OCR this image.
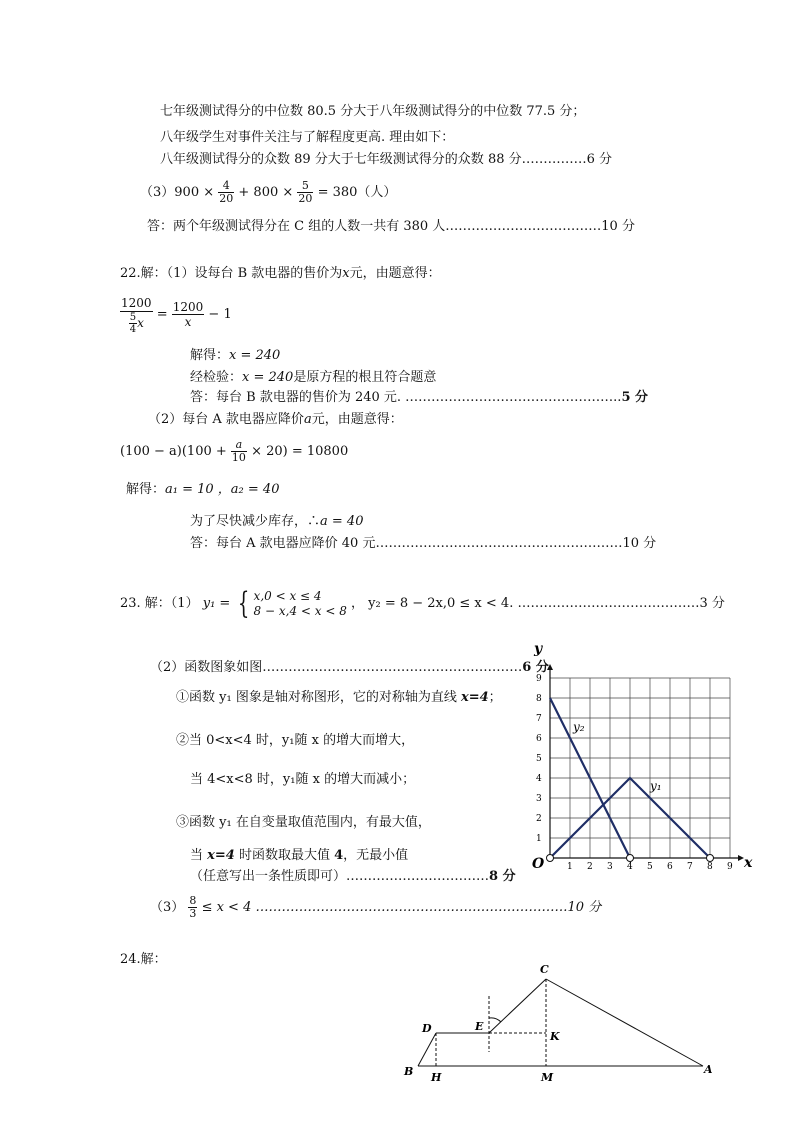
七年级测试得分的中位数 80.5 分大于八年级测试得分的中位数 77.5 分；
八年级学生对事件关注与了解程度更高. 理由如下：
八年级测试得分的众数 89 分大于七年级测试得分的众数 88 分……………6 分
$(3)900 \times \frac{4}{20} + 800 \times \frac{5}{20} = 380$（人）
答：两个年级测试得分在 C 组的人数一共有 380 人………………………………10 分
22.解：（1）设每台 B 款电器的售价为x元，由题意得：
$\frac{1200}{\frac{5}{4} x} = \frac{1200}{x} - 1$
解得：x = 240
经检验：x = 240是原方程的根且符合题意
答：每台 B 款电器的售价为 240 元. …………………………………………..5 分
（2）每台 A 款电器应降价a元，由题意得：
$(100 - a)(100 + \frac{a}{10} \times 20) = 10800$
解得：a₁ = 10 ，a₂ = 40
为了尽快减少库存，∴a = 40
答：每台 A 款电器应降价 40 元…………………………………………………10 分
23. 解：（1） y₁ = { x,0 < x ≤ 4
8 − x,4 < x < 8 ， y₂ = 8 − 2x,0 ≤ x < 4. ……………………………………3 分
（2）函数图象如图……………………………………………………6 分
①函数 y₁ 图象是轴对称图形，它的对称轴为直线 x=4；
②当 0<x<4 时，y₁随 x 的增大而增大，
当 4<x<8 时，y₁随 x 的增大而减小；
③函数 y₁ 在自变量取值范围内，有最大值，
当 x=4 时函数取最大值 4，无最小值
（任意写出一条性质即可）……………………………8 分
$(3) \frac{8}{3} \le x < 4$ ………………………………………………………………10 分
24.解：
1 2 3 4 5 6 7 8 9
1
2
3
4
5
6
7
8
9
y
x
O
y₂
y₁
C
D	E
K
B H	M
A
